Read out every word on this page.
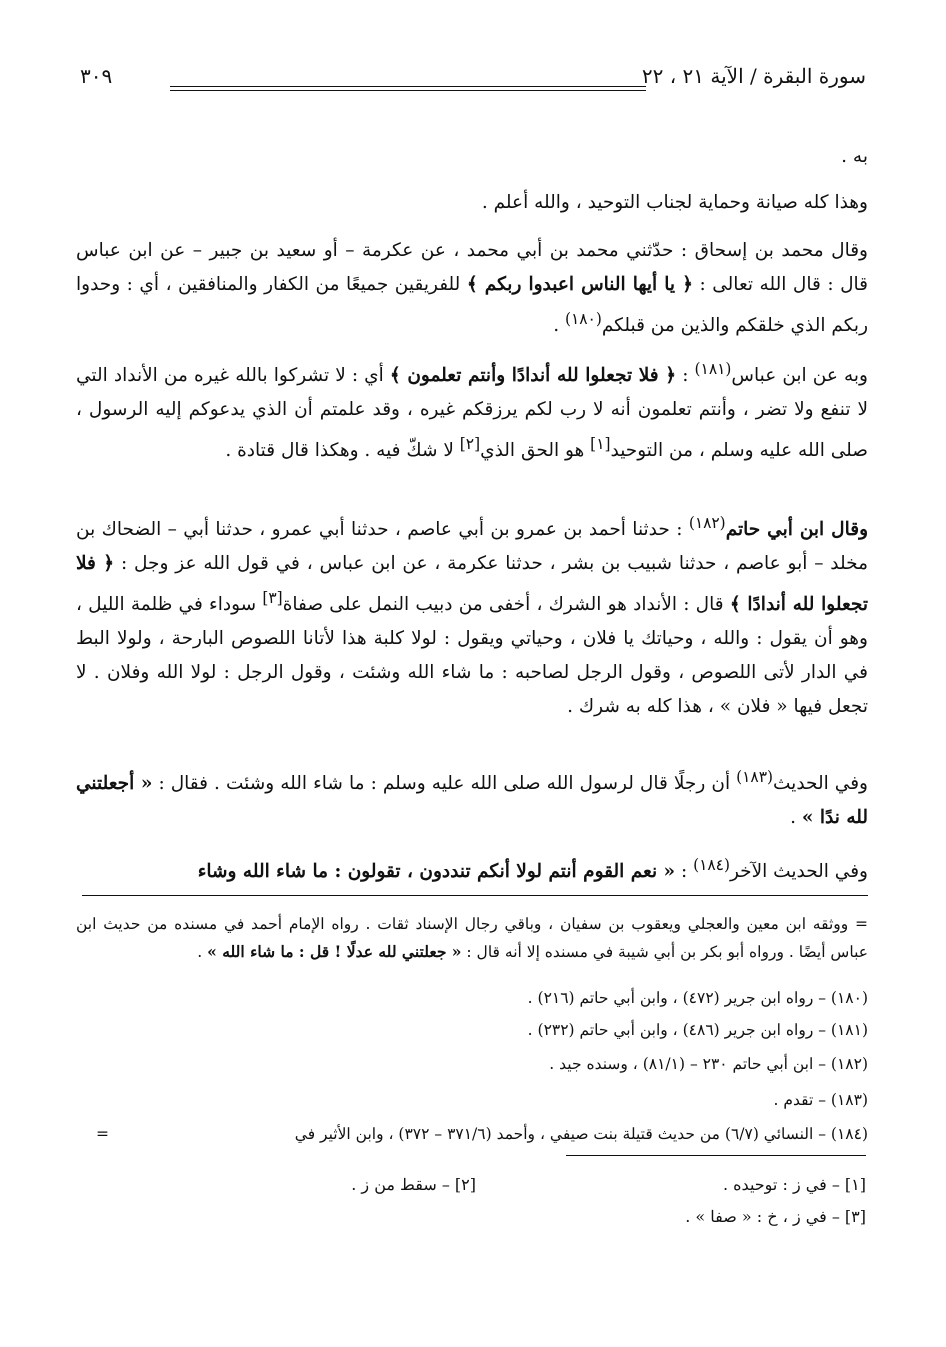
سورة البقرة / الآية ٢١ ، ٢٢
٣٠٩
به .
وهذا كله صيانة وحماية لجناب التوحيد ، والله أعلم .
وقال محمد بن إسحاق : حدّثني محمد بن أبي محمد ، عن عكرمة – أو سعيد بن جبير – عن ابن عباس قال : قال الله تعالى : ﴿ يا أيها الناس اعبدوا ربكم ﴾ للفريقين جميعًا من الكفار والمنافقين ، أي : وحدوا ربكم الذي خلقكم والذين من قبلكم$^{(١٨٠)}$ .
وبه عن ابن عباس$^{(١٨١)}$ : ﴿ فلا تجعلوا لله أندادًا وأنتم تعلمون ﴾ أي : لا تشركوا بالله غيره من الأنداد التي لا تنفع ولا تضر ، وأنتم تعلمون أنه لا رب لكم يرزقكم غيره ، وقد علمتم أن الذي يدعوكم إليه الرسول ، صلى الله عليه وسلم ، من التوحيد[١] هو الحق الذي[٢] لا شكّ فيه . وهكذا قال قتادة .
وقال ابن أبي حاتم$^{(١٨٢)}$ : حدثنا أحمد بن عمرو بن أبي عاصم ، حدثنا أبي عمرو ، حدثنا أبي – الضحاك بن مخلد – أبو عاصم ، حدثنا شبيب بن بشر ، حدثنا عكرمة ، عن ابن عباس ، في قول الله عز وجل : ﴿ فلا تجعلوا لله أندادًا ﴾ قال : الأنداد هو الشرك ، أخفى من دبيب النمل على صفاة[٣] سوداء في ظلمة الليل ، وهو أن يقول : والله ، وحياتك يا فلان ، وحياتي ويقول : لولا كلبة هذا لأتانا اللصوص البارحة ، ولولا البط في الدار لأتى اللصوص ، وقول الرجل لصاحبه : ما شاء الله وشئت ، وقول الرجل : لولا الله وفلان . لا تجعل فيها « فلان » ، هذا كله به شرك .
وفي الحديث$^{(١٨٣)}$ أن رجلًا قال لرسول الله صلى الله عليه وسلم : ما شاء الله وشئت . فقال : « أجعلتني لله ندًا » .
وفي الحديث الآخر$^{(١٨٤)}$ : « نعم القوم أنتم لولا أنكم تنددون ، تقولون : ما شاء الله وشاء
= ووثقه ابن معين والعجلي ويعقوب بن سفيان ، وباقي رجال الإسناد ثقات . رواه الإمام أحمد في مسنده من حديث ابن عباس أيضًا . ورواه أبو بكر بن أبي شيبة في مسنده إلا أنه قال : « جعلتني لله عدلًا ! قل : ما شاء الله » .
(١٨٠) – رواه ابن جرير (٤٧٢) ، وابن أبي حاتم (٢١٦) .
(١٨١) – رواه ابن جرير (٤٨٦) ، وابن أبي حاتم (٢٣٢) .
(١٨٢) – ابن أبي حاتم ٢٣٠ – (٨١/١) ، وسنده جيد .
(١٨٣) – تقدم .
(١٨٤) – النسائي (٦/٧) من حديث قتيلة بنت صيفي ، وأحمد (٣٧١/٦ – ٣٧٢) ، وابن الأثير في
=
[١] – في ز : توحيده .
[٢] – سقط من ز .
[٣] – في ز ، خ : « صفا » .
